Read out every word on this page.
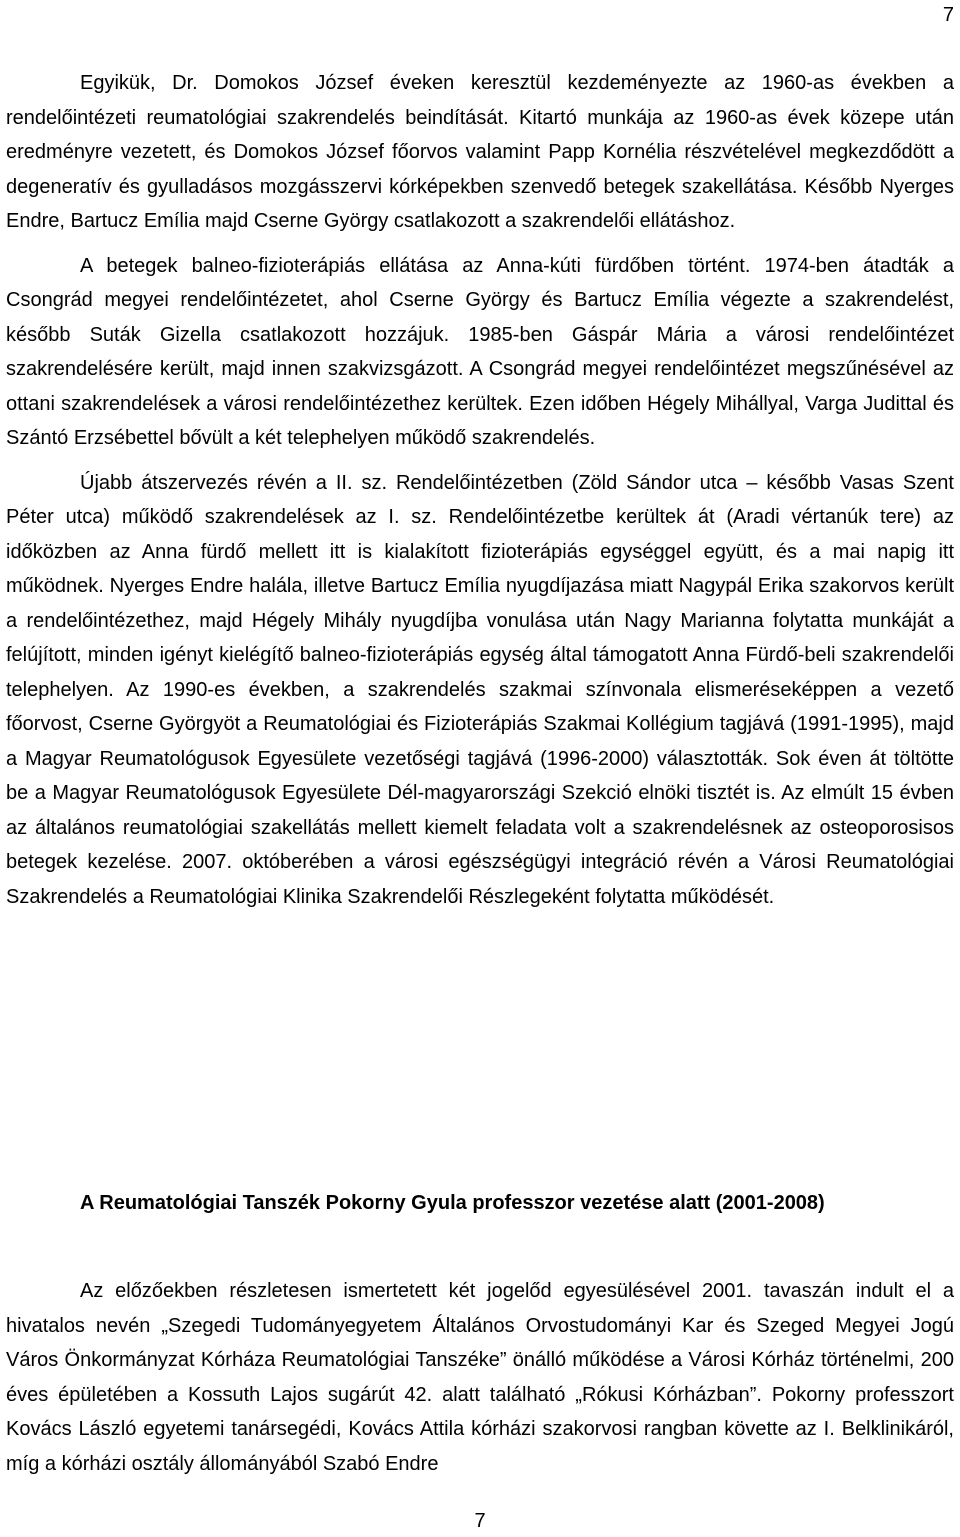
7

Egyikük, Dr. Domokos József éveken keresztül kezdeményezte az 1960-as években a rendelőintézeti reumatológiai szakrendelés beindítását. Kitartó munkája az 1960-as évek közepe után eredményre vezetett, és Domokos József főorvos valamint Papp Kornélia részvételével megkezdődött a degeneratív és gyulladásos mozgásszervi kórképekben szenvedő betegek szakellátása. Később Nyerges Endre, Bartucz Emília majd Cserne György csatlakozott a szakrendelői ellátáshoz.

A betegek balneo-fizioterápiás ellátása az Anna-kúti fürdőben történt. 1974-ben átadták a Csongrád megyei rendelőintézetet, ahol Cserne György és Bartucz Emília végezte a szakrendelést, később Suták Gizella csatlakozott hozzájuk. 1985-ben Gáspár Mária a városi rendelőintézet szakrendelésére került, majd innen szakvizsgázott. A Csongrád megyei rendelőintézet megszűnésével az ottani szakrendelések a városi rendelőintézethez kerültek. Ezen időben Hégely Mihállyal, Varga Judittal és Szántó Erzsébettel bővült a két telephelyen működő szakrendelés.

Újabb átszervezés révén a II. sz. Rendelőintézetben (Zöld Sándor utca – később Vasas Szent Péter utca) működő szakrendelések az I. sz. Rendelőintézetbe kerültek át (Aradi vértanúk tere) az időközben az Anna fürdő mellett itt is kialakított fizioterápiás egységgel együtt, és a mai napig itt működnek. Nyerges Endre halála, illetve Bartucz Emília nyugdíjazása miatt Nagypál Erika szakorvos került a rendelőintézethez, majd Hégely Mihály nyugdíjba vonulása után Nagy Marianna folytatta munkáját a felújított, minden igényt kielégítő balneo-fizioterápiás egység által támogatott Anna Fürdő-beli szakrendelői telephelyen. Az 1990-es években, a szakrendelés szakmai színvonala elismeréseképpen a vezető főorvost, Cserne Györgyöt a Reumatológiai és Fizioterápiás Szakmai Kollégium tagjává (1991-1995), majd a Magyar Reumatológusok Egyesülete vezetőségi tagjává (1996-2000) választották. Sok éven át töltötte be a Magyar Reumatológusok Egyesülete Dél-magyarországi Szekció elnöki tisztét is. Az elmúlt 15 évben az általános reumatológiai szakellátás mellett kiemelt feladata volt a szakrendelésnek az osteoporosisos betegek kezelése. 2007. októberében a városi egészségügyi integráció révén a Városi Reumatológiai Szakrendelés a Reumatológiai Klinika Szakrendelői Részlegeként folytatta működését.

A Reumatológiai Tanszék Pokorny Gyula professzor vezetése alatt (2001-2008)

Az előzőekben részletesen ismertetett két jogelőd egyesülésével 2001. tavaszán indult el a hivatalos nevén „Szegedi Tudományegyetem Általános Orvostudományi Kar és Szeged Megyei Jogú Város Önkormányzat Kórháza Reumatológiai Tanszéke” önálló működése a Városi Kórház történelmi, 200 éves épületében a Kossuth Lajos sugárút 42. alatt található „Rókusi Kórházban”. Pokorny professzort Kovács László egyetemi tanársegédi, Kovács Attila kórházi szakorvosi rangban követte az I. Belklinikáról, míg a kórházi osztály állományából Szabó Endre

7
